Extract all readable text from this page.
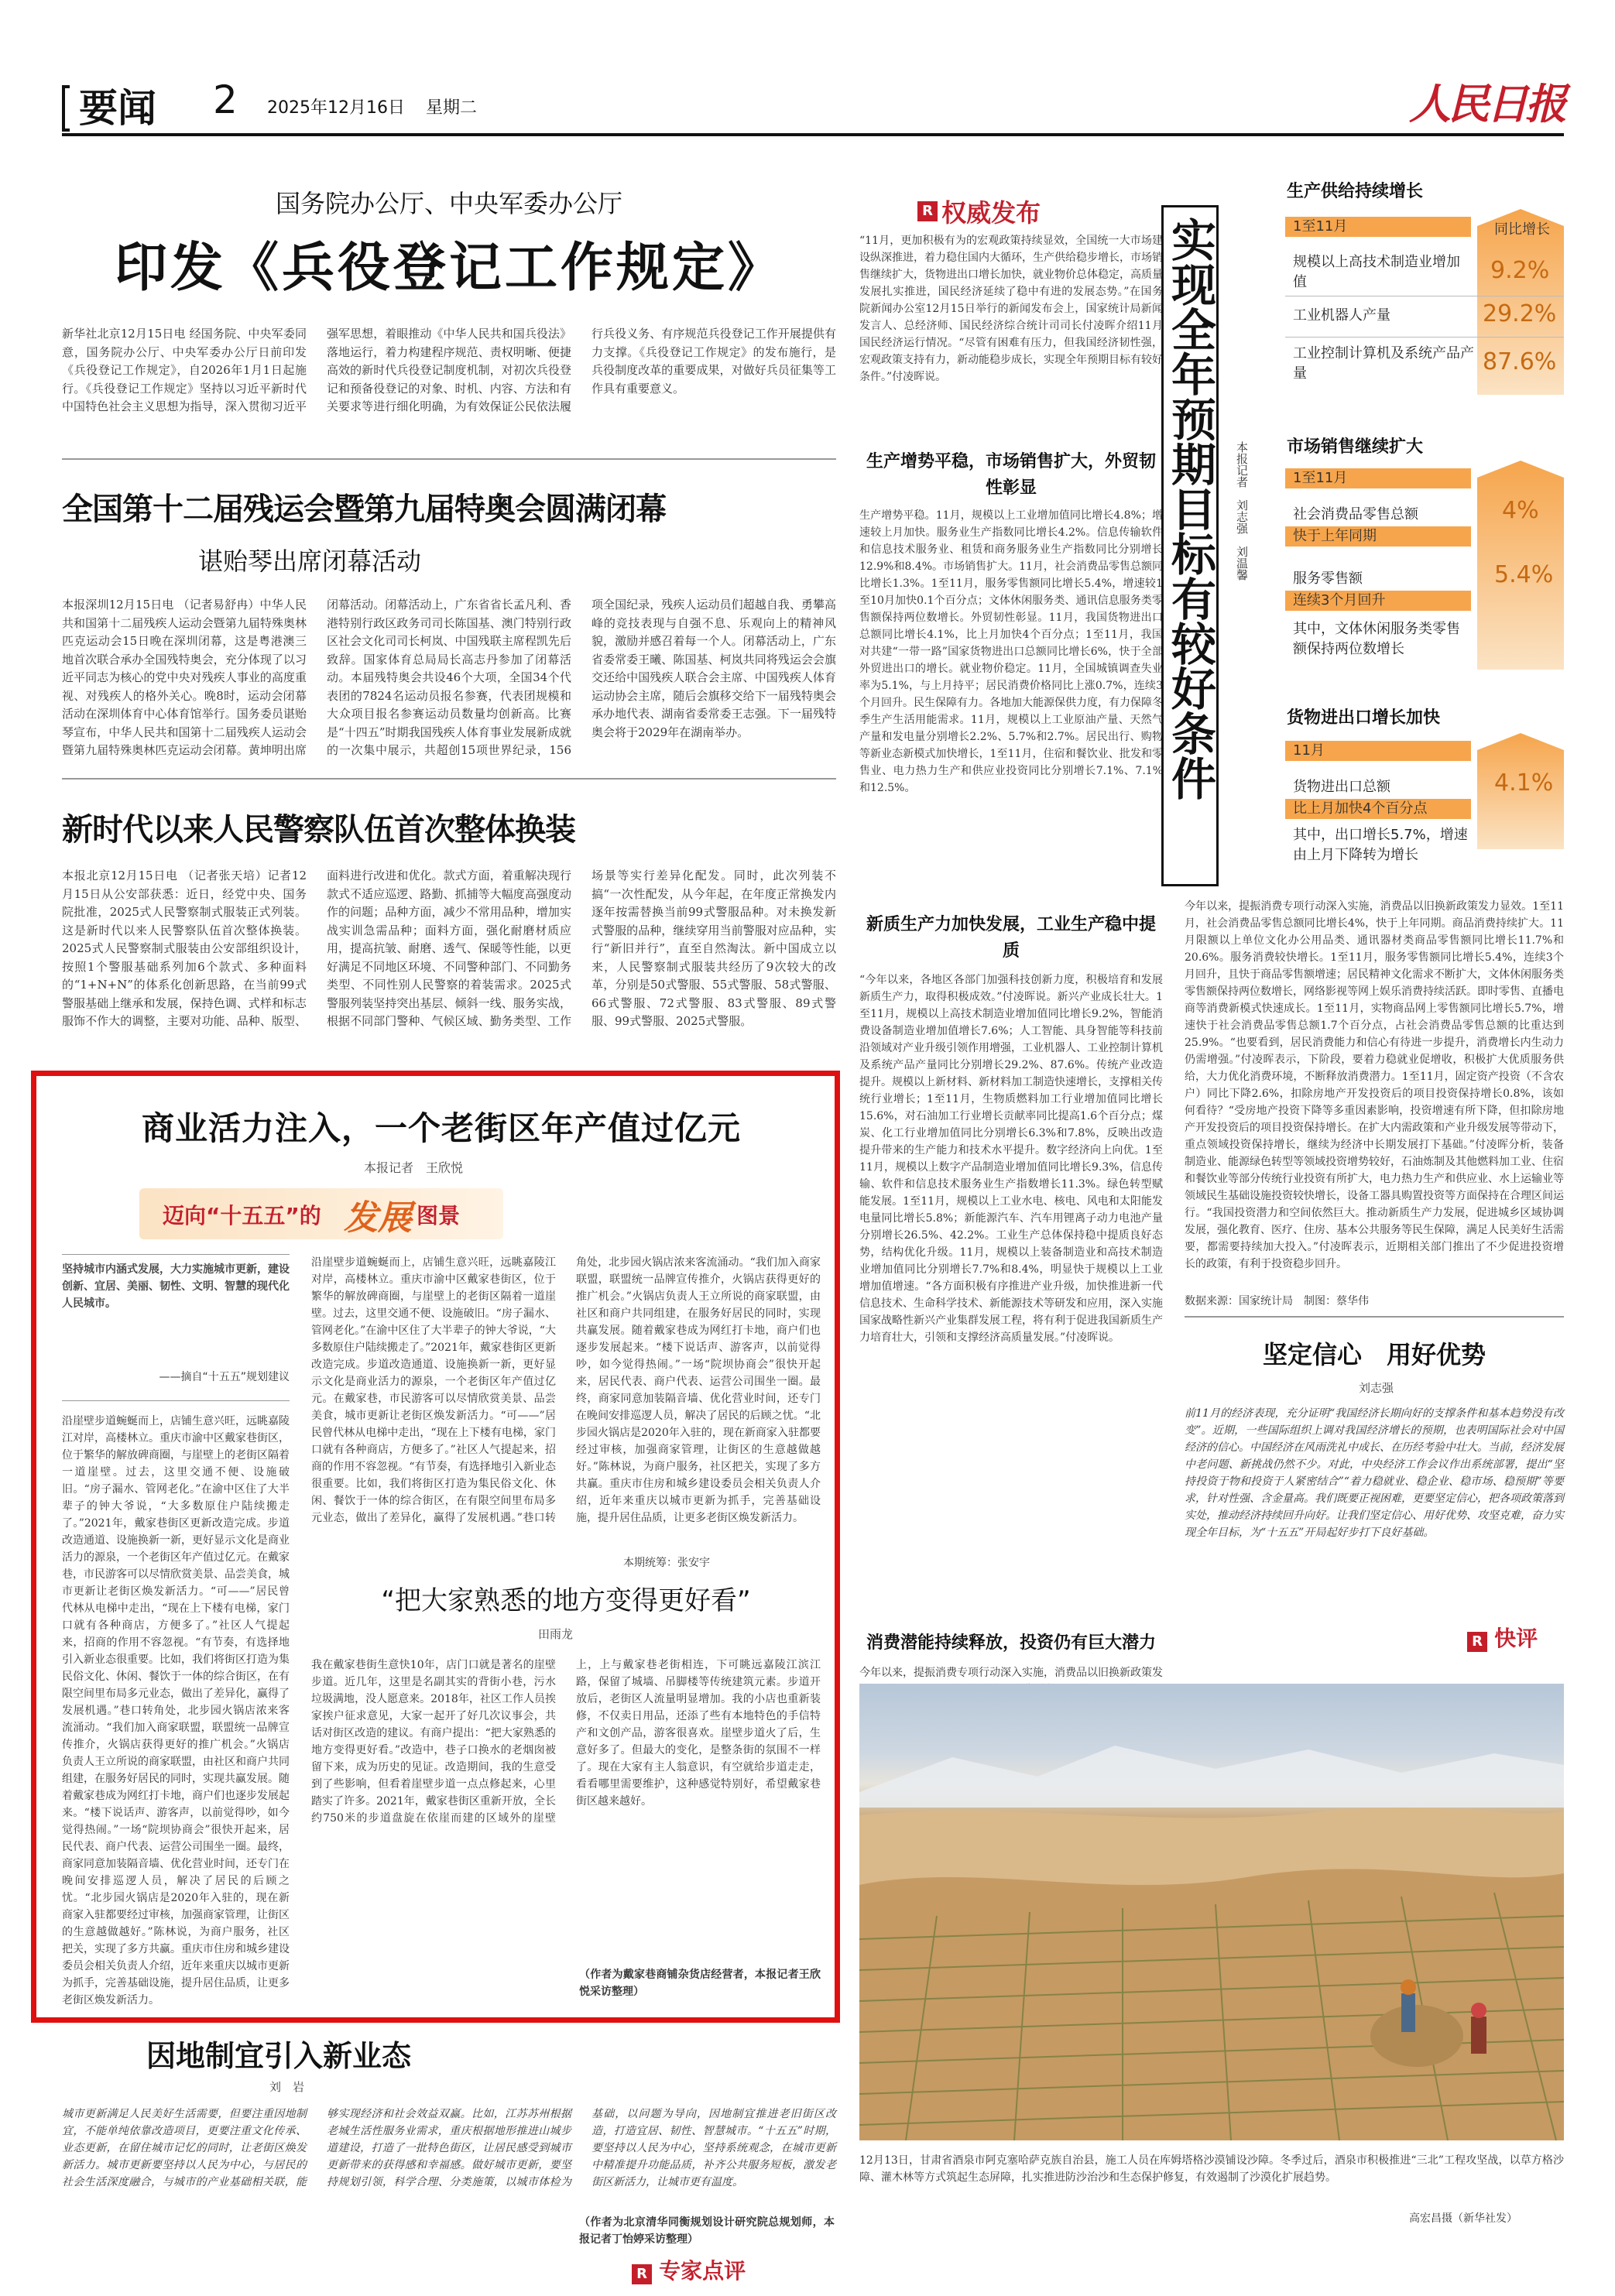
要闻 2 2025年12月16日 星期二	人民日报
国务院办公厅、中央军委办公厅
印发《兵役登记工作规定》
新华社北京12月15日电 经国务院、中央军委同意，国务院办公厅、中央军委办公厅日前印发《兵役登记工作规定》，自2026年1月1日起施行。《兵役登记工作规定》坚持以习近平新时代中国特色社会主义思想为指导，深入贯彻习近平强军思想，着眼推动《中华人民共和国兵役法》落地运行，着力构建程序规范、责权明晰、便捷高效的新时代兵役登记制度机制，对初次兵役登记和预备役登记的对象、时机、内容、方法和有关要求等进行细化明确，为有效保证公民依法履行兵役义务、有序规范兵役登记工作开展提供有力支撑。《兵役登记工作规定》的发布施行，是兵役制度改革的重要成果，对做好兵员征集等工作具有重要意义。
全国第十二届残运会暨第九届特奥会圆满闭幕
谌贻琴出席闭幕活动
本报深圳12月15日电 （记者易舒冉）中华人民共和国第十二届残疾人运动会暨第九届特殊奥林匹克运动会15日晚在深圳闭幕，这是粤港澳三地首次联合承办全国残特奥会，充分体现了以习近平同志为核心的党中央对残疾人事业的高度重视、对残疾人的格外关心。晚8时，运动会闭幕活动在深圳体育中心体育馆举行。国务委员谌贻琴宣布，中华人民共和国第十二届残疾人运动会暨第九届特殊奥林匹克运动会闭幕。黄坤明出席闭幕活动。闭幕活动上，广东省省长孟凡利、香港特别行政区政务司司长陈国基、澳门特别行政区社会文化司司长柯岚、中国残联主席程凯先后致辞。国家体育总局局长高志丹参加了闭幕活动。本届残特奥会共设46个大项，全国34个代表团的7824名运动员报名参赛，代表团规模和大众项目报名参赛运动员数量均创新高。比赛是“十四五”时期我国残疾人体育事业发展新成就的一次集中展示，共超创15项世界纪录，156项全国纪录，残疾人运动员们超越自我、勇攀高峰的竞技表现与自强不息、乐观向上的精神风貌，激励并感召着每一个人。闭幕活动上，广东省委常委王曦、陈国基、柯岚共同将残运会会旗交还给中国残疾人联合会主席、中国残疾人体育运动协会主席，随后会旗移交给下一届残特奥会承办地代表、湖南省委常委王志强。下一届残特奥会将于2029年在湖南举办。
新时代以来人民警察队伍首次整体换装
本报北京12月15日电 （记者张天培）记者12月15日从公安部获悉：近日，经党中央、国务院批准，2025式人民警察制式服装正式列装。这是新时代以来人民警察队伍首次整体换装。2025式人民警察制式服装由公安部组织设计，按照1个警服基础系列加6个款式、多种面料的“1+N+N”的体系化创新思路，在当前99式警服基础上继承和发展，保持色调、式样和标志服饰不作大的调整，主要对功能、品种、版型、面料进行改进和优化。款式方面，着重解决现行款式不适应巡逻、路勤、抓捕等大幅度高强度动作的问题；品种方面，减少不常用品种，增加实战实训急需品种；面料方面，强化耐磨材质应用，提高抗皱、耐磨、透气、保暖等性能，以更好满足不同地区环境、不同警种部门、不同勤务类型、不同性别人民警察的着装需求。2025式警服列装坚持突出基层、倾斜一线、服务实战，根据不同部门警种、气候区域、勤务类型、工作场景等实行差异化配发。同时，此次列装不搞“一次性配发，从今年起，在年度正常换发内逐年按需替换当前99式警服品种。对未换发新式警服的品种，继续穿用当前警服对应品种，实行“新旧并行”，直至自然淘汰。新中国成立以来，人民警察制式服装共经历了9次较大的改革，分别是50式警服、55式警服、58式警服、66式警服、72式警服、83式警服、89式警服、99式警服、2025式警服。
商业活力注入，一个老街区年产值过亿元
本报记者　王欣悦
迈向“十五五”的 发展 图景
坚持城市内涵式发展，大力实施城市更新，建设创新、宜居、美丽、韧性、文明、智慧的现代化人民城市。
——摘自“十五五”规划建议
沿崖壁步道蜿蜒而上，店铺生意兴旺，远眺嘉陵江对岸，高楼林立。重庆市渝中区戴家巷街区，位于繁华的解放碑商圈，与崖壁上的老街区隔着一道崖壁。过去，这里交通不便、设施破旧。“房子漏水、管网老化。”在渝中区住了大半辈子的钟大爷说，“大多数原住户陆续搬走了。”2021年，戴家巷街区更新改造完成。步道改造通道、设施换新一新，更好显示文化是商业活力的源泉，一个老街区年产值过亿元。在戴家巷，市民游客可以尽情欣赏美景、品尝美食，城市更新让老街区焕发新活力。“可——”居民曾代林从电梯中走出，“现在上下楼有电梯，家门口就有各种商店，方便多了。”社区人气提起来，招商的作用不容忽视。“有节奏，有选择地引入新业态很重要。比如，我们将街区打造为集民俗文化、休闲、餐饮于一体的综合街区，在有限空间里布局多元业态，做出了差异化，赢得了发展机遇。”巷口转角处，北步园火锅店浓来客流涌动。“我们加入商家联盟，联盟统一品牌宣传推介，火锅店获得更好的推广机会。”火锅店负责人王立所说的商家联盟，由社区和商户共同组建，在服务好居民的同时，实现共赢发展。随着戴家巷成为网红打卡地，商户们也逐步发展起来。“楼下说话声、游客声，以前觉得吵，如今觉得热闹。”一场“院坝协商会”很快开起来，居民代表、商户代表、运营公司围坐一圈。最终，商家同意加装隔音墙、优化营业时间，还专门在晚间安排巡逻人员，解决了居民的后顾之忧。“北步园火锅店是2020年入驻的，现在新商家入驻都要经过审核，加强商家管理，让街区的生意越做越好。”陈林说，为商户服务，社区把关，实现了多方共赢。重庆市住房和城乡建设委员会相关负责人介绍，近年来重庆以城市更新为抓手，完善基础设施，提升居住品质，让更多老街区焕发新活力。
沿崖壁步道蜿蜒而上，店铺生意兴旺，远眺嘉陵江对岸，高楼林立。重庆市渝中区戴家巷街区，位于繁华的解放碑商圈，与崖壁上的老街区隔着一道崖壁。过去，这里交通不便、设施破旧。“房子漏水、管网老化。”在渝中区住了大半辈子的钟大爷说，“大多数原住户陆续搬走了。”2021年，戴家巷街区更新改造完成。步道改造通道、设施换新一新，更好显示文化是商业活力的源泉，一个老街区年产值过亿元。在戴家巷，市民游客可以尽情欣赏美景、品尝美食，城市更新让老街区焕发新活力。“可——”居民曾代林从电梯中走出，“现在上下楼有电梯，家门口就有各种商店，方便多了。”社区人气提起来，招商的作用不容忽视。“有节奏，有选择地引入新业态很重要。比如，我们将街区打造为集民俗文化、休闲、餐饮于一体的综合街区，在有限空间里布局多元业态，做出了差异化，赢得了发展机遇。”巷口转角处，北步园火锅店浓来客流涌动。“我们加入商家联盟，联盟统一品牌宣传推介，火锅店获得更好的推广机会。”火锅店负责人王立所说的商家联盟，由社区和商户共同组建，在服务好居民的同时，实现共赢发展。随着戴家巷成为网红打卡地，商户们也逐步发展起来。“楼下说话声、游客声，以前觉得吵，如今觉得热闹。”一场“院坝协商会”很快开起来，居民代表、商户代表、运营公司围坐一圈。最终，商家同意加装隔音墙、优化营业时间，还专门在晚间安排巡逻人员，解决了居民的后顾之忧。“北步园火锅店是2020年入驻的，现在新商家入驻都要经过审核，加强商家管理，让街区的生意越做越好。”陈林说，为商户服务，社区把关，实现了多方共赢。重庆市住房和城乡建设委员会相关负责人介绍，近年来重庆以城市更新为抓手，完善基础设施，提升居住品质，让更多老街区焕发新活力。
本期统筹：张安宇
“把大家熟悉的地方变得更好看”
田雨龙
我在戴家巷街生意快10年，店门口就是著名的崖壁步道。近几年，这里是名副其实的背街小巷，污水垃圾满地，没人愿意来。2018年，社区工作人员挨家挨户征求意见，大家一起开了好几次议事会，共话对街区改造的建议。有商户提出：“把大家熟悉的地方变得更好看。”改造中，巷子口换水的老烟囱被留下来，成为历史的见证。改造期间，我的生意受到了些影响，但看着崖壁步道一点点修起来，心里踏实了许多。2021年，戴家巷街区重新开放，全长约750米的步道盘旋在依崖而建的区域外的崖壁上，上与戴家巷老街相连，下可眺远嘉陵江滨江路，保留了城墙、吊脚楼等传统建筑元素。步道开放后，老街区人流量明显增加。我的小店也重新装修，不仅卖日用品，还添了些有本地特色的手信特产和文创产品，游客很喜欢。崖壁步道火了后，生意好多了。但最大的变化，是整条街的氛围不一样了。现在大家有主人翁意识，有空就给步道走走，看看哪里需要维护，这种感觉特别好，希望戴家巷街区越来越好。
（作者为戴家巷商铺杂货店经营者，本报记者王欣悦采访整理）
因地制宜引入新业态
刘　岩
城市更新满足人民美好生活需要，但要注重因地制宜，不能单纯依靠改造项目，更要注重文化传承、业态更新，在留住城市记忆的同时，让老街区焕发新活力。城市更新要坚持以人民为中心，与居民的社会生活深度融合，与城市的产业基础相关联，能够实现经济和社会效益双赢。比如，江苏苏州根据老城生活性服务业需求，重庆根据地形推进山城步道建设，打造了一批特色街区，让居民感受到城市更新带来的获得感和幸福感。做好城市更新，要坚持规划引领，科学合理、分类施策，以城市体检为基础，以问题为导向，因地制宜推进老旧街区改造，打造宜居、韧性、智慧城市。“十五五”时期，要坚持以人民为中心，坚持系统观念，在城市更新中精准提升功能品质，补齐公共服务短板，激发老街区新活力，让城市更有温度。
（作者为北京清华同衡规划设计研究院总规划师，本报记者丁怡婷采访整理）
R 专家点评
R 权威发布
“11月，更加积极有为的宏观政策持续显效，全国统一大市场建设纵深推进，着力稳住国内大循环，生产供给稳步增长，市场销售继续扩大，货物进出口增长加快，就业物价总体稳定，高质量发展扎实推进，国民经济延续了稳中有进的发展态势。”在国务院新闻办公室12月15日举行的新闻发布会上，国家统计局新闻发言人、总经济师、国民经济综合统计司司长付凌晖介绍11月国民经济运行情况。“尽管有困难有压力，但我国经济韧性强，宏观政策支持有力，新动能稳步成长，实现全年预期目标有较好条件。”付凌晖说。
生产增势平稳，市场销售扩大，外贸韧性彰显
生产增势平稳。11月，规模以上工业增加值同比增长4.8%；增速较上月加快。服务业生产指数同比增长4.2%。信息传输软件和信息技术服务业、租赁和商务服务业生产指数同比分别增长12.9%和8.4%。市场销售扩大。11月，社会消费品零售总额同比增长1.3%。1至11月，服务零售额同比增长5.4%，增速较1至10月加快0.1个百分点；文体休闲服务类、通讯信息服务类零售额保持两位数增长。外贸韧性彰显。11月，我国货物进出口总额同比增长4.1%，比上月加快4个百分点；1至11月，我国对共建“一带一路”国家货物进出口总额同比增长6%，快于全部外贸进出口的增长。就业物价稳定。11月，全国城镇调查失业率为5.1%，与上月持平；居民消费价格同比上涨0.7%，连续3个月回升。民生保障有力。各地加大能源保供力度，有力保障冬季生产生活用能需求。11月，规模以上工业原油产量、天然气产量和发电量分别增长2.2%、5.7%和2.7%。居民出行、购物等新业态新模式加快增长，1至11月，住宿和餐饮业、批发和零售业、电力热力生产和供应业投资同比分别增长7.1%、7.1%和12.5%。
新质生产力加快发展，工业生产稳中提质
“今年以来，各地区各部门加强科技创新力度，积极培育和发展新质生产力，取得积极成效。”付凌晖说。新兴产业成长壮大。1至11月，规模以上高技术制造业增加值同比增长9.2%，智能消费设备制造业增加值增长7.6%；人工智能、具身智能等科技前沿领域对产业升级引领作用增强，工业机器人、工业控制计算机及系统产品产量同比分别增长29.2%、87.6%。传统产业改造提升。规模以上新材料、新材料加工制造快速增长，支撑相关传统行业增长；1至11月，生物质燃料加工行业增加值同比增长15.6%，对石油加工行业增长贡献率同比提高1.6个百分点；煤炭、化工行业增加值同比分别增长6.3%和7.8%，反映出改造提升带来的生产能力和技术水平提升。数字经济向上向优。1至11月，规模以上数字产品制造业增加值同比增长9.3%，信息传输、软件和信息技术服务业生产指数增长11.3%。绿色转型赋能发展。1至11月，规模以上工业水电、核电、风电和太阳能发电量同比增长5.8%；新能源汽车、汽车用锂离子动力电池产量分别增长26.5%、42.2%。工业生产总体保持稳中提质良好态势，结构优化升级。11月，规模以上装备制造业和高技术制造业增加值同比分别增长7.7%和8.4%，明显快于规模以上工业增加值增速。“各方面积极有序推进产业升级，加快推进新一代信息技术、生命科学技术、新能源技术等研发和应用，深入实施国家战略性新兴产业集群发展工程，将有利于促进我国新质生产力培育壮大，引领和支撑经济高质量发展。”付凌晖说。
消费潜能持续释放，投资仍有巨大潜力
今年以来，提振消费专项行动深入实施，消费品以旧换新政策发
实现全年预期目标有较好条件	本报记者　刘志强　刘温馨
生产供给持续增长
1至11月	同比增长
规模以上高技术制造业增加值	9.2%
工业机器人产量	29.2%
工业控制计算机及系统产品产量	87.6%
市场销售继续扩大
1至11月
社会消费品零售总额	4%
快于上年同期
服务零售额	5.4%
连续3个月回升
其中，文体休闲服务类零售额保持两位数增长
货物进出口增长加快
11月
货物进出口总额	4.1%
比上月加快4个百分点
其中，出口增长5.7%，增速由上月下降转为增长
今年以来，提振消费专项行动深入实施，消费品以旧换新政策发力显效。1至11月，社会消费品零售总额同比增长4%，快于上年同期。商品消费持续扩大。11月限额以上单位文化办公用品类、通讯器材类商品零售额同比增长11.7%和20.6%。服务消费较快增长。1至11月，服务零售额同比增长5.4%，连续3个月回升，且快于商品零售额增速；居民精神文化需求不断扩大，文体休闲服务类零售额保持两位数增长，网络影视等网上娱乐消费持续活跃。即时零售、直播电商等消费新模式快速成长。1至11月，实物商品网上零售额同比增长5.7%，增速快于社会消费品零售总额1.7个百分点，占社会消费品零售总额的比重达到25.9%。“也要看到，居民消费能力和信心有待进一步提升，消费增长内生动力仍需增强。”付凌晖表示，下阶段，要着力稳就业促增收，积极扩大优质服务供给，大力优化消费环境，不断释放消费潜力。1至11月，固定资产投资（不含农户）同比下降2.6%，扣除房地产开发投资后的项目投资保持增长0.8%，该如何看待？“受房地产投资下降等多重因素影响，投资增速有所下降，但扣除房地产开发投资后的项目投资保持增长。在扩大内需政策和产业升级发展等带动下，重点领域投资保持增长，继续为经济中长期发展打下基础。”付凌晖分析，装备制造业、能源绿色转型等领域投资增势较好，石油炼制及其他燃料加工业、住宿和餐饮业等部分传统行业投资有所扩大，电力热力生产和供应业、水上运输业等领域民生基础设施投资较快增长，设备工器具购置投资等方面保持在合理区间运行。“我国投资潜力和空间依然巨大。推动新质生产力发展，促进城乡区域协调发展，强化教育、医疗、住房、基本公共服务等民生保障，满足人民美好生活需要，都需要持续加大投入。”付凌晖表示，近期相关部门推出了不少促进投资增长的政策，有利于投资稳步回升。
数据来源：国家统计局　制图：蔡华伟
坚定信心　用好优势
刘志强
前11月的经济表现，充分证明“我国经济长期向好的支撑条件和基本趋势没有改变”。近期，一些国际组织上调对我国经济增长的预期，也表明国际社会对中国经济的信心。中国经济在风雨洗礼中成长、在历经考验中壮大。当前，经济发展中老问题、新挑战仍然不少。对此，中央经济工作会议作出系统部署，提出“坚持投资于物和投资于人紧密结合”“着力稳就业、稳企业、稳市场、稳预期”等要求，针对性强、含金量高。我们既要正视困难，更要坚定信心，把各项政策落到实处，推动经济持续回升向好。让我们坚定信心、用好优势、攻坚克难，奋力实现全年目标，为“十五五”开局起好步打下良好基础。
R 快评
12月13日，甘肃省酒泉市阿克塞哈萨克族自治县，施工人员在库姆塔格沙漠铺设沙障。冬季过后，酒泉市积极推进“三北”工程攻坚战，以草方格沙障、灌木林等方式筑起生态屏障，扎实推进防沙治沙和生态保护修复，有效遏制了沙漠化扩展趋势。
高宏昌摄（新华社发）
